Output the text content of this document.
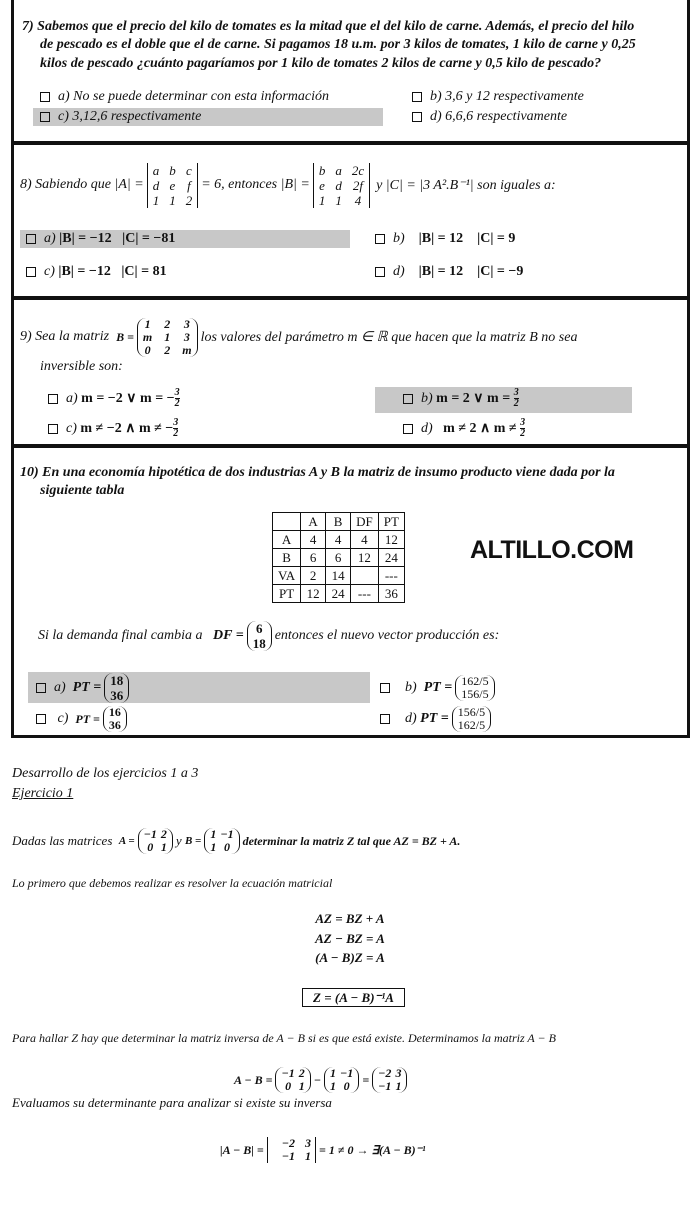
7) Sabemos que el precio del kilo de tomates es la mitad que el del kilo de carne. Además, el precio del hilo
de pescado es el doble que el de carne. Si pagamos 18 u.m. por 3 kilos de tomates, 1 kilo de carne y 0,25
kilos de pescado ¿cuánto pagaríamos por 1 kilo de tomates 2 kilos de carne y 0,5 kilo de pescado?
a) No se puede determinar con esta información	b) 3,6 y 12 respectivamente
c) 3,12,6 respectivamente	d) 6,6,6 respectivamente
8) Sabiendo que |A| =
a b c
d e f
1 1 2
= 6, entonces |B| =
b a 2c
e d 2f
1 1 4
y |C| = |3 A².B⁻¹| son iguales a:
a) |B| = −12   |C| = −81	b) |B| = 12    |C| = 9
c) |B| = −12   |C| = 81	d) |B| = 12    |C| = −9
9) Sea la matriz
B =
1 2 3
m 1 3
0 2 m
los valores del parámetro m ∈ ℝ que hacen que la matriz B no sea
inversible son:
a)
m = −2 ∨ m = − $\frac{3}{2}$	b)
m = 2 ∨ m =
$\frac{3}{2}$
c)
m ≠ −2 ∧ m ≠ − $\frac{3}{2}$	d)
m ≠ 2 ∧ m ≠
$\frac{3}{2}$
10) En una economía hipotética de dos industrias A y B la matriz de insumo producto viene dada por la
siguiente tabla
	A	B	DF	PT
A	4	4	4	12
B	6	6	12	24
VA	2	14		---
PT	12	24	---	36
ALTILLO.COM
Si la demanda final cambia a
DF = 6
18
entonces el nuevo vector producción es:
a)
PT = 18
36

b)
PT = 162/5
156/5

c)
PT = 16
36
	d)
PT = 156/5
162/5
Desarrollo de los ejercicios 1 a 3
Ejercicio 1
Dadas las matrices
A = −1 2
0 1 y
B = 1 −1
1 0	determinar la matriz Z tal que AZ = BZ + A.
Lo primero que debemos realizar es resolver la ecuación matricial
AZ = BZ + A
AZ − BZ = A
(A − B)Z = A
Z = (A − B)⁻¹A
Para hallar Z hay que determinar la matriz inversa de A − B si es que está existe. Determinamos la matriz A − B
A − B = −1 2
0 1 − 1 −1
1 0	= −2 3
−1 1
Evaluamos su determinante para analizar si existe su inversa
|A − B| = −2 3
−1 1 = 1 ≠ 0 → ∃(A − B)⁻¹
